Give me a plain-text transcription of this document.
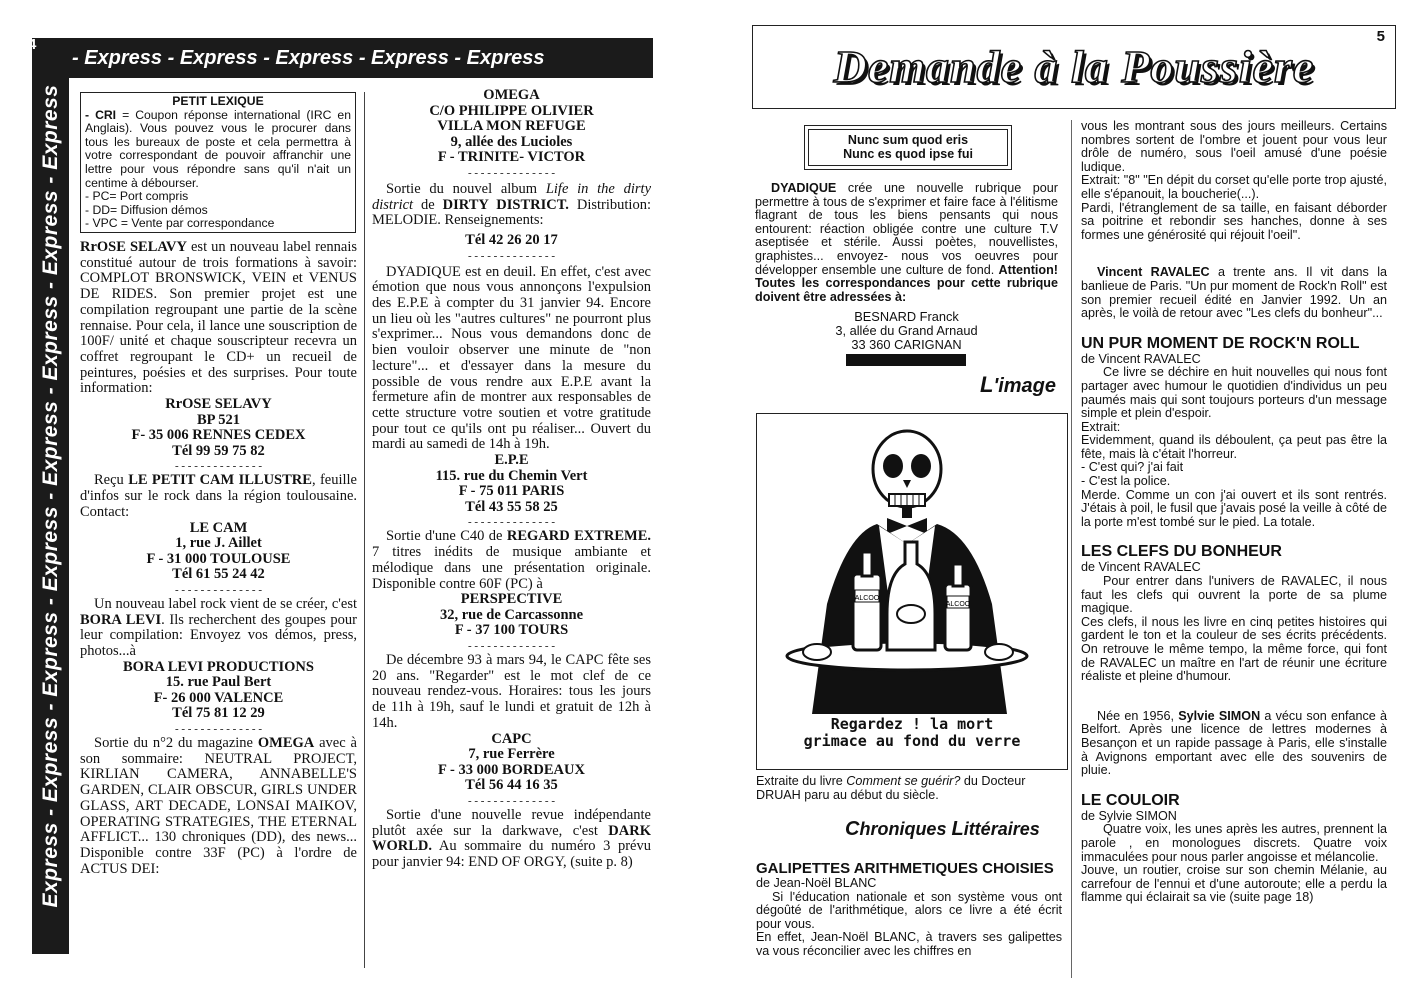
Express - Express - Express - Express - Express - Express - Express - Express
4
- Express - Express - Express - Express - Express
PETIT LEXIQUE
- CRI = Coupon réponse international (IRC en Anglais). Vous pouvez vous le procurer dans tous les bureaux de poste et cela permettra à votre correspondant de pouvoir affranchir une lettre pour vous répondre sans qu'il n'ait un centime à débourser.
- PC= Port compris
- DD= Diffusion démos
- VPC = Vente par correspondance

RrOSE SELAVY est un nouveau label rennais constitué autour de trois formations à savoir: COMPLOT BRONSWICK, VEIN et VENUS DE RIDES. Son premier projet est une compilation regroupant une partie de la scène rennaise. Pour cela, il lance une souscription de 100F/ unité et chaque souscripteur recevra un coffret regroupant le CD+ un recueil de peintures, poésies et des surprises. Pour toute information:

RrOSE SELAVY
BP 521
F- 35 006 RENNES CEDEX
Tél 99 59 75 82
- - -

Reçu LE PETIT CAM ILLUSTRE, feuille d'infos sur le rock dans la région toulousaine. Contact:

LE CAM
1, rue J. Aillet
F - 31 000 TOULOUSE
Tél 61 55 24 42
- - -

Un nouveau label rock vient de se créer, c'est BORA LEVI. Ils recherchent des goupes pour leur compilation: Envoyez vos démos, press, photos...à

BORA LEVI PRODUCTIONS
15. rue Paul Bert
F- 26 000 VALENCE
Tél 75 81 12 29
- - -

Sortie du n°2 du magazine OMEGA avec à son sommaire: NEUTRAL PROJECT, KIRLIAN CAMERA, ANNABELLE'S GARDEN, CLAIR OBSCUR, GIRLS UNDER GLASS, ART DECADE, LONSAI MAIKOV, OPERATING STRATEGIES, THE ETERNAL AFFLICT... 130 chroniques (DD), des news... Disponible contre 33F (PC) à l'ordre de ACTUS DEI:

OMEGA
C/O PHILIPPE OLIVIER
VILLA MON REFUGE
9, allée des Lucioles
F - TRINITE- VICTOR
- - -

Sortie du nouvel album Life in the dirty district de DIRTY DISTRICT. Distribution: MELODIE. Renseignements:

Tél 42 26 20 17
- - -

DYADIQUE est en deuil. En effet, c'est avec émotion que nous vous annonçons l'expulsion des E.P.E à compter du 31 janvier 94. Encore un lieu où les "autres cultures" ne pourront plus s'exprimer... Nous vous demandons donc de bien vouloir observer une minute de "non lecture"... et d'essayer dans la mesure du possible de vous rendre aux E.P.E avant la fermeture afin de montrer aux responsables de cette structure votre soutien et votre gratitude pour tout ce qu'ils ont pu réaliser... Ouvert du mardi au samedi de 14h à 19h.

E.P.E
115. rue du Chemin Vert
F - 75 011 PARIS
Tél 43 55 58 25
- - -

Sortie d'une C40 de REGARD EXTREME. 7 titres inédits de musique ambiante et mélodique dans une présentation originale. Disponible contre 60F (PC) à

PERSPECTIVE
32, rue de Carcassonne
F - 37 100 TOURS
- - -

De décembre 93 à mars 94, le CAPC fête ses 20 ans. "Regarder" est le mot clef de ce nouveau rendez-vous. Horaires: tous les jours de 11h à 19h, sauf le lundi et gratuit de 12h à 14h.

CAPC
7, rue Ferrère
F - 33 000 BORDEAUX
Tél 56 44 16 35
- - -

Sortie d'une nouvelle revue indépendante plutôt axée sur la darkwave, c'est DARK WORLD. Au sommaire du numéro 3 prévu pour janvier 94: END OF ORGY, (suite p. 8)

Demande à la Poussière
5
Nunc sum quod eris
Nunc es quod ipse fui

DYADIQUE crée une nouvelle rubrique pour permettre à tous de s'exprimer et faire face à l'élitisme flagrant de tous les biens pensants qui nous entourent: réaction obligée contre une culture T.V aseptisée et stérile. Aussi poètes, nouvellistes, graphistes... envoyez- nous vos oeuvres pour développer ensemble une culture de fond. Attention! Toutes les correspondances pour cette rubrique doivent être adressées à:

BESNARD Franck
3, allée du Grand Arnaud
33 360 CARIGNAN
L'image
ALCOO
ALCOO
Regardez ! la mort
grimace au fond du verre
Extraite du livre Comment se guérir? du Docteur DRUAH paru au début du siècle.
Chroniques Littéraires
GALIPETTES ARITHMETIQUES CHOISIES
de Jean-Noël BLANC

Si l'éducation nationale et son système vous ont dégoûté de l'arithmétique, alors ce livre a été écrit pour vous.

En effet, Jean-Noël BLANC, à travers ses galipettes va vous réconcilier avec les chiffres en

vous les montrant sous des jours meilleurs. Certains nombres sortent de l'ombre et jouent pour vous leur drôle de numéro, sous l'oeil amusé d'une poésie ludique.

Extrait: "8" "En dépit du corset qu'elle porte trop ajusté, elle s'épanouit, la boucherie(...).

Pardi, l'étranglement de sa taille, en faisant déborder sa poitrine et rebondir ses hanches, donne à ses formes une générosité qui réjouit l'oeil".

Vincent RAVALEC a trente ans. Il vit dans la banlieue de Paris. "Un pur moment de Rock'n Roll" est son premier recueil édité en Janvier 1992. Un an après, le voilà de retour avec "Les clefs du bonheur"...

UN PUR MOMENT DE ROCK'N ROLL
de Vincent RAVALEC

Ce livre se déchire en huit nouvelles qui nous font partager avec humour le quotidien d'individus un peu paumés mais qui sont toujours porteurs d'un message simple et plein d'espoir.

Extrait:
Evidemment, quand ils déboulent, ça peut pas être la fête, mais là c'était l'horreur.
- C'est qui? j'ai fait
- C'est la police.

Merde. Comme un con j'ai ouvert et ils sont rentrés. J'étais à poil, le fusil que j'avais posé la veille à côté de la porte m'est tombé sur le pied. La totale.

LES CLEFS DU BONHEUR
de Vincent RAVALEC

Pour entrer dans l'univers de RAVALEC, il nous faut les clefs qui ouvrent la porte de sa plume magique.

Ces clefs, il nous les livre en cinq petites histoires qui gardent le ton et la couleur de ses écrits précédents. On retrouve le même tempo, la même force, qui font de RAVALEC un maître en l'art de réunir une écriture réaliste et pleine d'humour.

Née en 1956, Sylvie SIMON a vécu son enfance à Belfort. Après une licence de lettres modernes à Besançon et un rapide passage à Paris, elle s'installe à Avignons emportant avec elle des souvenirs de pluie.

LE COULOIR
de Sylvie SIMON

Quatre voix, les unes après les autres, prennent la parole , en monologues discrets. Quatre voix immaculées pour nous parler angoisse et mélancolie.

Jouve, un routier, croise sur son chemin Mélanie, au carrefour de l'ennui et d'une autoroute; elle a perdu la flamme qui éclairait sa vie (suite page 18)
